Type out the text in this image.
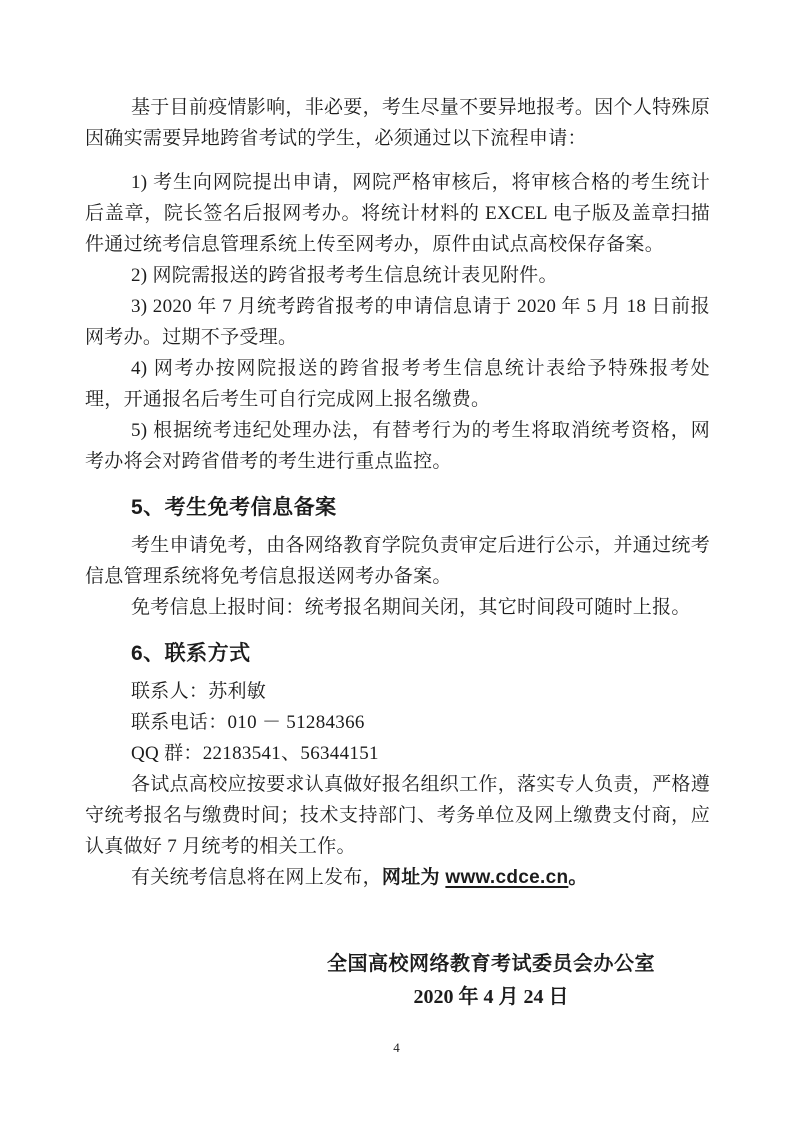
基于目前疫情影响，非必要，考生尽量不要异地报考。因个人特殊原因确实需要异地跨省考试的学生，必须通过以下流程申请：

1) 考生向网院提出申请，网院严格审核后，将审核合格的考生统计后盖章，院长签名后报网考办。将统计材料的 EXCEL 电子版及盖章扫描件通过统考信息管理系统上传至网考办，原件由试点高校保存备案。

2) 网院需报送的跨省报考考生信息统计表见附件。

3) 2020 年 7 月统考跨省报考的申请信息请于 2020 年 5 月 18 日前报网考办。过期不予受理。

4) 网考办按网院报送的跨省报考考生信息统计表给予特殊报考处理，开通报名后考生可自行完成网上报名缴费。

5) 根据统考违纪处理办法，有替考行为的考生将取消统考资格，网考办将会对跨省借考的考生进行重点监控。

5、考生免考信息备案

考生申请免考，由各网络教育学院负责审定后进行公示，并通过统考信息管理系统将免考信息报送网考办备案。

免考信息上报时间：统考报名期间关闭，其它时间段可随时上报。

6、联系方式

联系人：苏利敏

联系电话：010 － 51284366

QQ 群：22183541、56344151

各试点高校应按要求认真做好报名组织工作，落实专人负责，严格遵守统考报名与缴费时间；技术支持部门、考务单位及网上缴费支付商，应认真做好 7 月统考的相关工作。

有关统考信息将在网上发布，网址为 www.cdce.cn。

全国高校网络教育考试委员会办公室
2020 年 4 月 24 日
4
